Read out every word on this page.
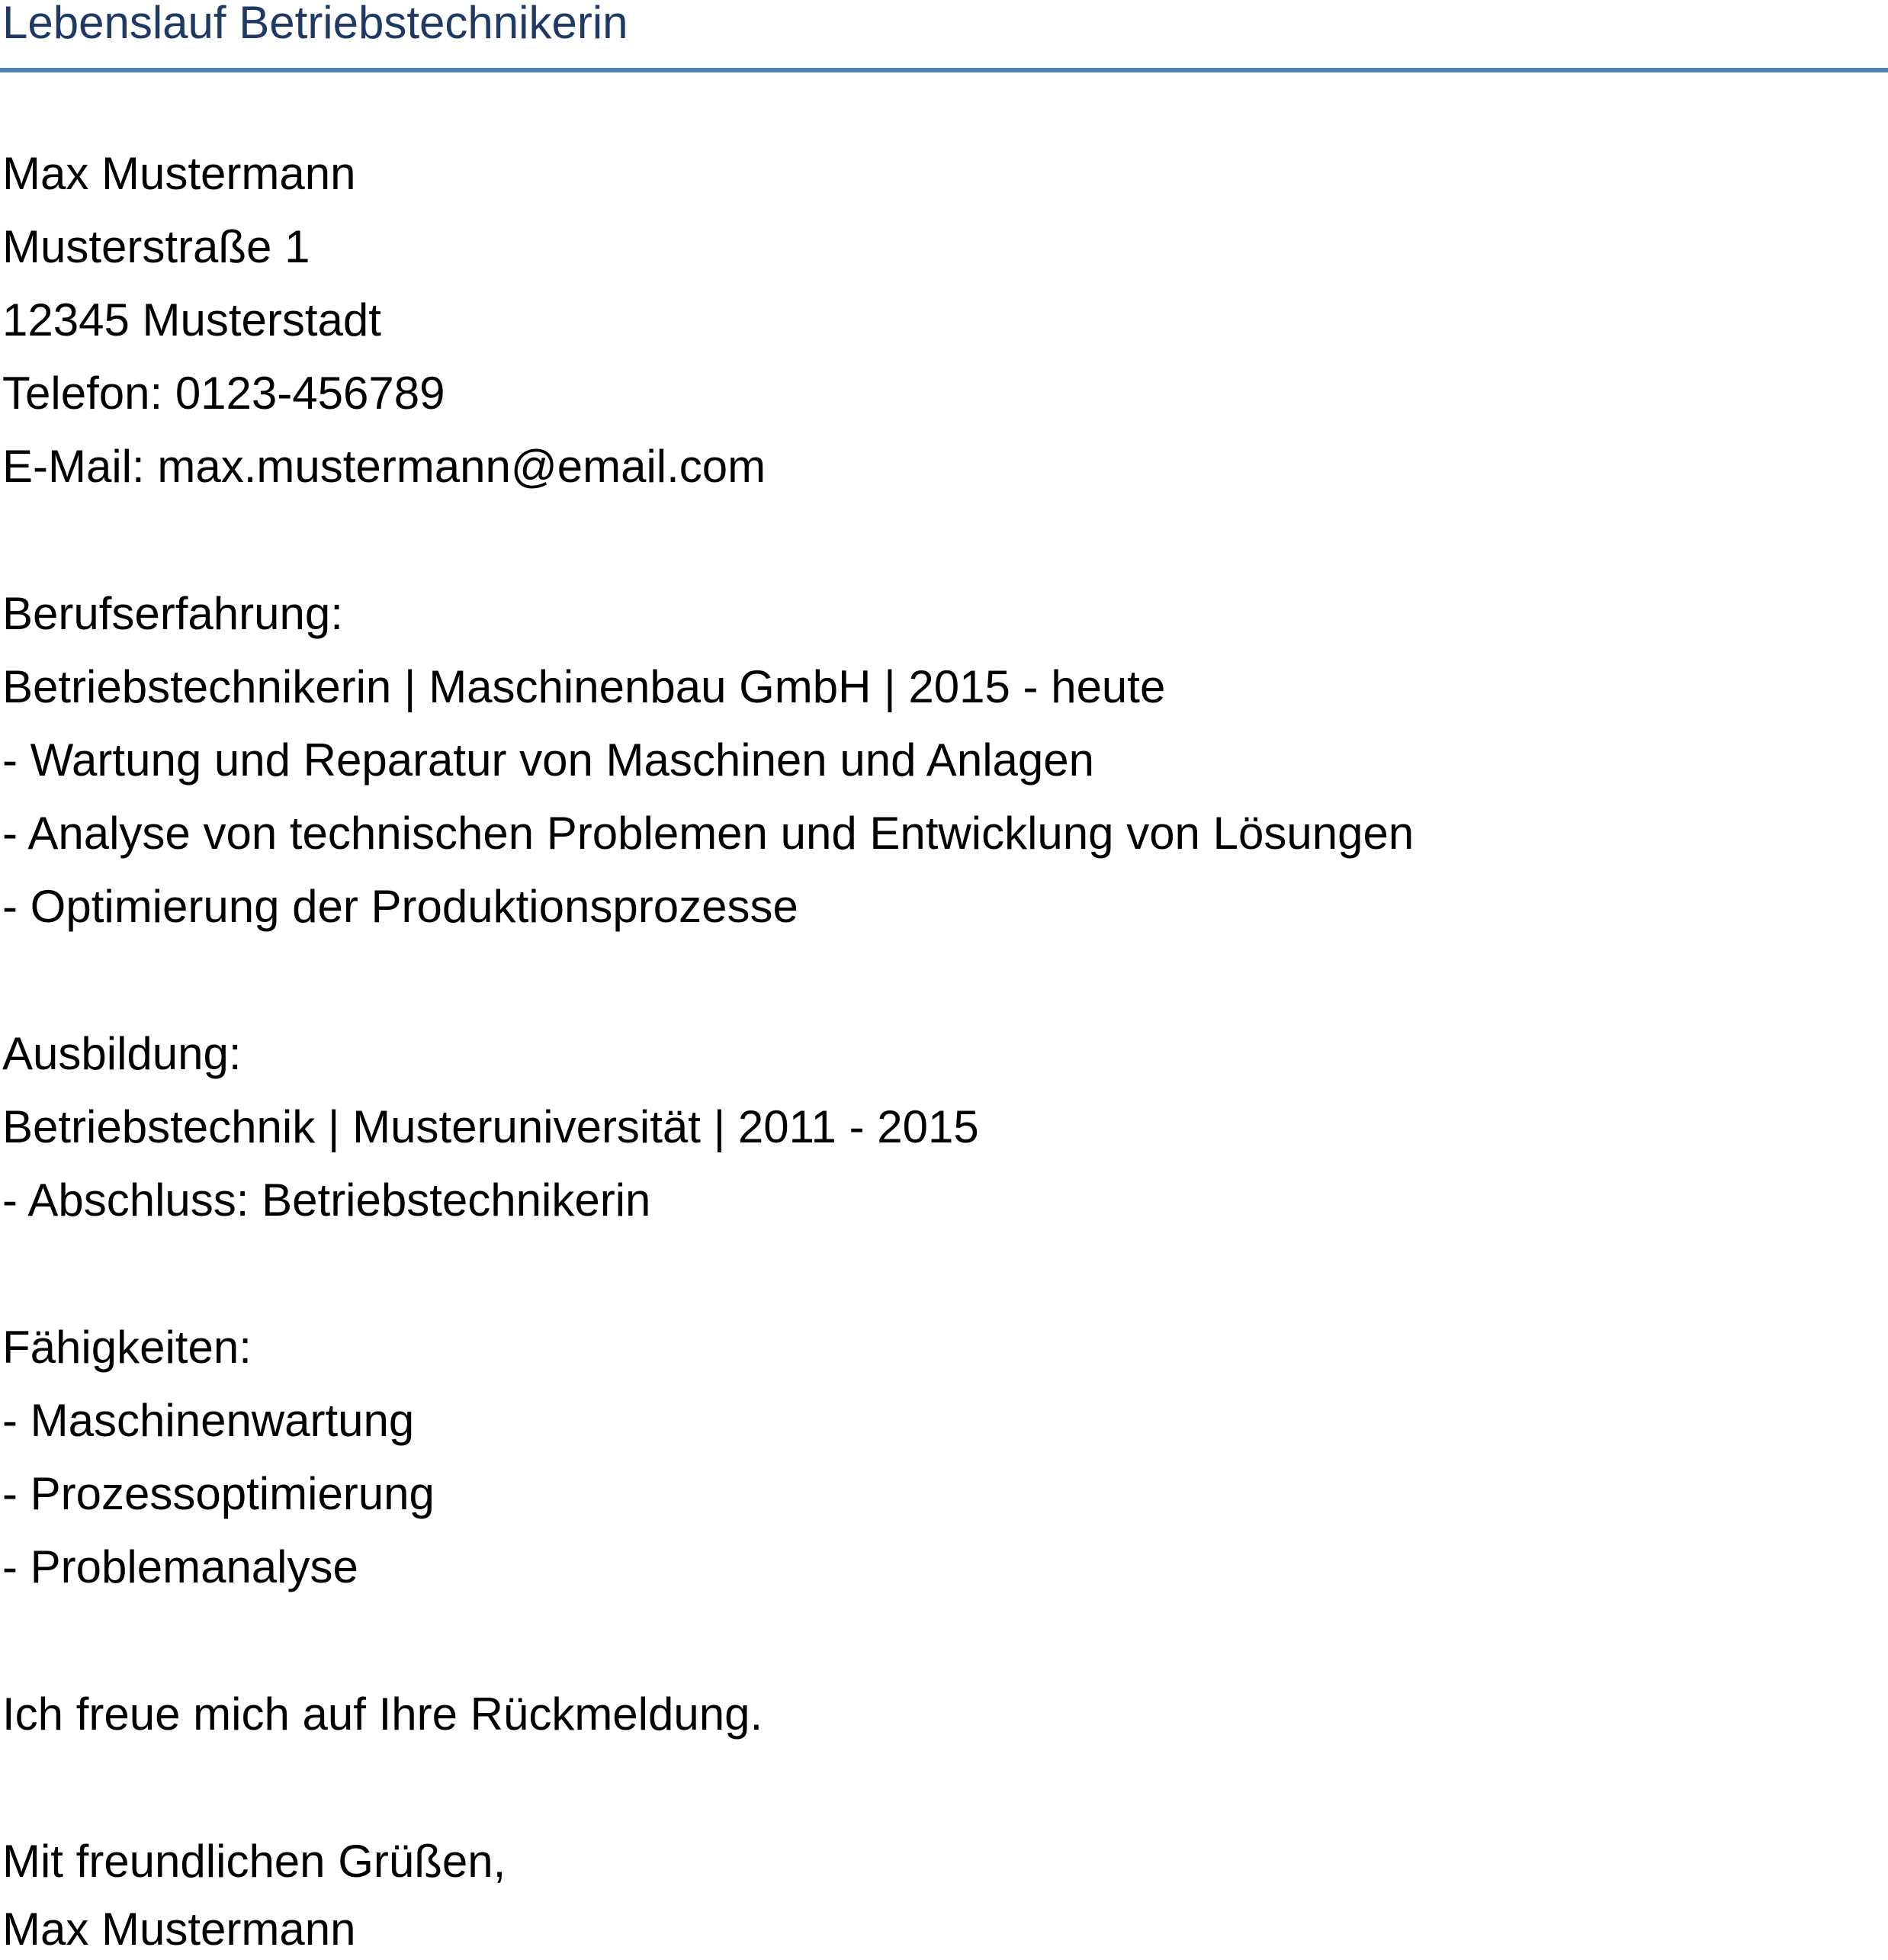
Lebenslauf Betriebstechnikerin
Max Mustermann
Musterstraße 1
12345 Musterstadt
Telefon: 0123-456789
E-Mail: max.mustermann@email.com
Berufserfahrung:
Betriebstechnikerin | Maschinenbau GmbH | 2015 - heute
- Wartung und Reparatur von Maschinen und Anlagen
- Analyse von technischen Problemen und Entwicklung von Lösungen
- Optimierung der Produktionsprozesse
Ausbildung:
Betriebstechnik | Musteruniversität | 2011 - 2015
- Abschluss: Betriebstechnikerin
Fähigkeiten:
- Maschinenwartung
- Prozessoptimierung
- Problemanalyse
Ich freue mich auf Ihre Rückmeldung.
Mit freundlichen Grüßen,
Max Mustermann
